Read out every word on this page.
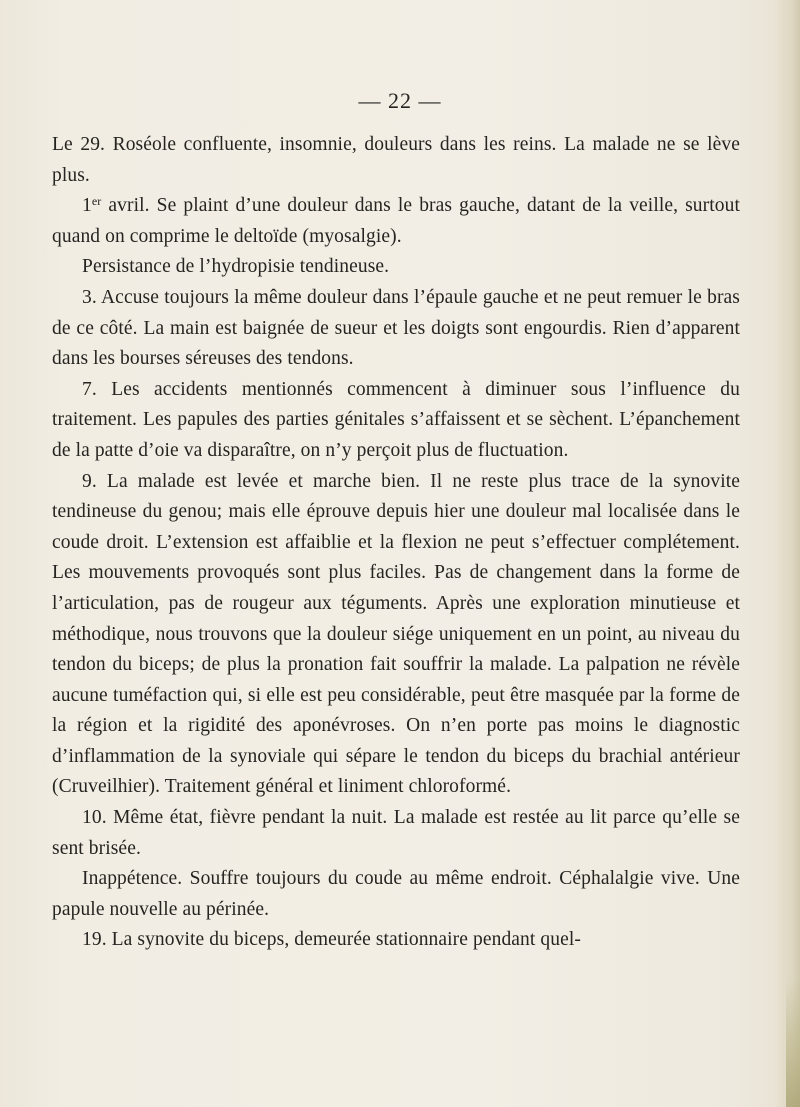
— 22 —

Le 29. Roséole confluente, insomnie, douleurs dans les reins. La malade ne se lève plus.

1er avril. Se plaint d’une douleur dans le bras gauche, datant de la veille, surtout quand on comprime le deltoïde (myosalgie).

Persistance de l’hydropisie tendineuse.

3. Accuse toujours la même douleur dans l’épaule gauche et ne peut remuer le bras de ce côté. La main est baignée de sueur et les doigts sont engourdis. Rien d’apparent dans les bourses séreuses des tendons.

7. Les accidents mentionnés commencent à diminuer sous l’influence du traitement. Les papules des parties génitales s’affaissent et se sèchent. L’épanchement de la patte d’oie va disparaître, on n’y perçoit plus de fluctuation.

9. La malade est levée et marche bien. Il ne reste plus trace de la synovite tendineuse du genou; mais elle éprouve depuis hier une douleur mal localisée dans le coude droit. L’extension est affaiblie et la flexion ne peut s’effectuer complétement. Les mouvements provoqués sont plus faciles. Pas de changement dans la forme de l’articulation, pas de rougeur aux téguments. Après une exploration minutieuse et méthodique, nous trouvons que la douleur siége uniquement en un point, au niveau du tendon du biceps; de plus la pronation fait souffrir la malade. La palpation ne révèle aucune tuméfaction qui, si elle est peu considérable, peut être masquée par la forme de la région et la rigidité des aponévroses. On n’en porte pas moins le diagnostic d’inflammation de la synoviale qui sépare le tendon du biceps du brachial antérieur (Cruveilhier). Traitement général et liniment chloroformé.

10. Même état, fièvre pendant la nuit. La malade est restée au lit parce qu’elle se sent brisée.

Inappétence. Souffre toujours du coude au même endroit. Céphalalgie vive. Une papule nouvelle au périnée.

19. La synovite du biceps, demeurée stationnaire pendant quel-
